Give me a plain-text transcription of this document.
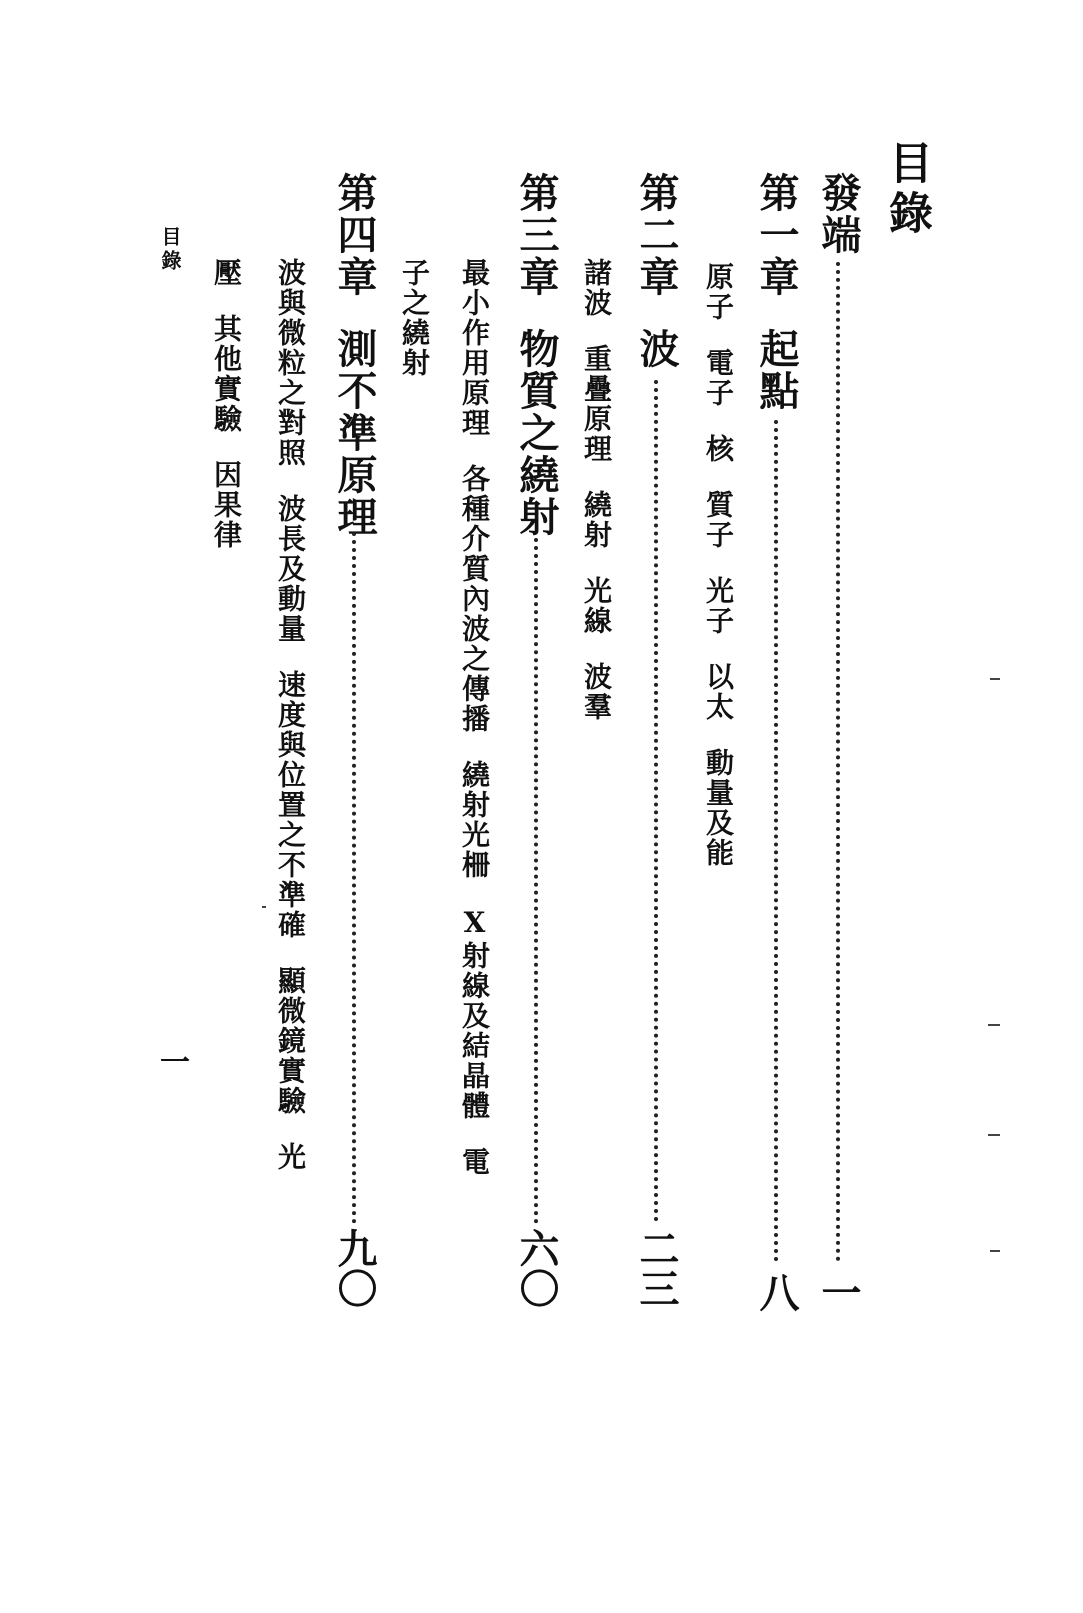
目錄
發端
一
第一章起點
八
原子電子核質子光子以太動量及能
第二章波
二三
諸波重疊原理繞射光線波羣
第三章物質之繞射
六〇
最小作用原理各種介質內波之傳播繞射光柵X射線及結晶體電
子之繞射
第四章測不準原理
九〇
波與微粒之對照波長及動量速度與位置之不準確顯微鏡實驗光
壓其他實驗因果律
目錄
一
